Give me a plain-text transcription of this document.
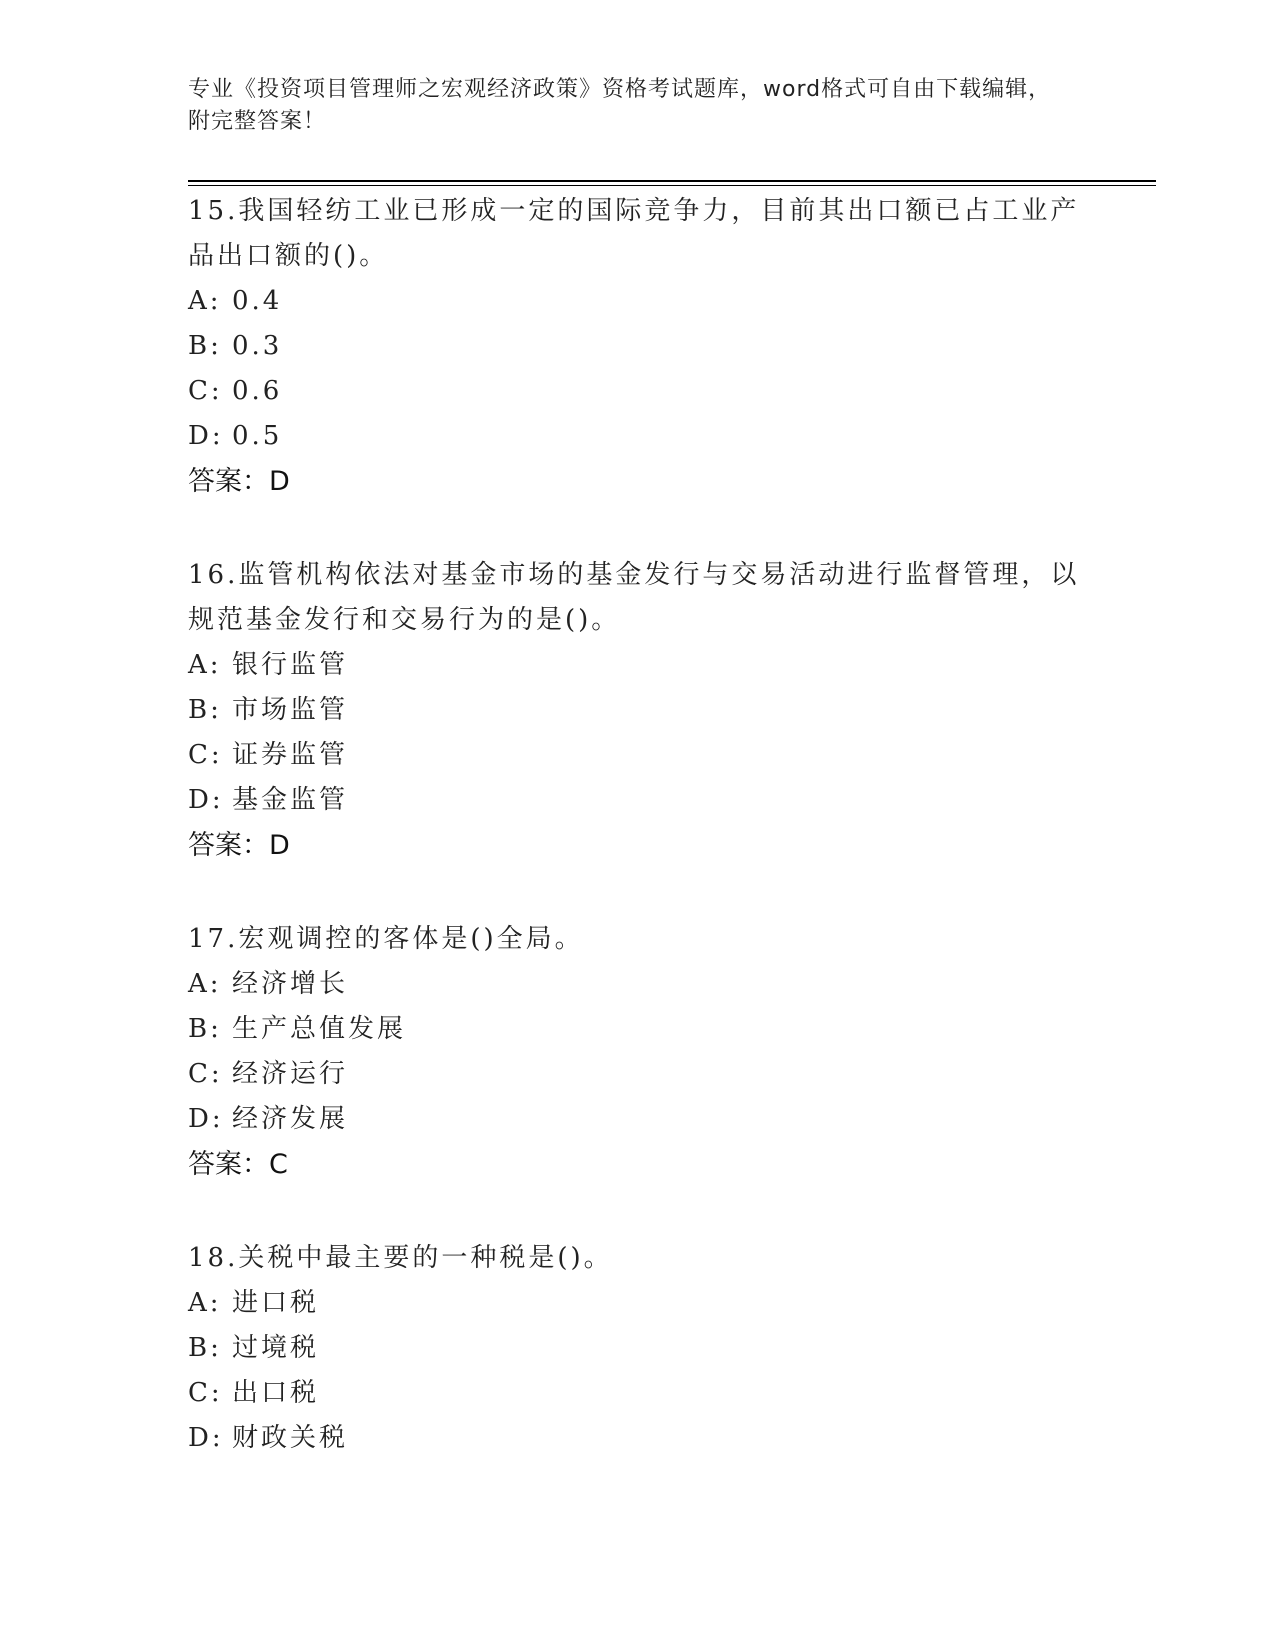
专业《投资项目管理师之宏观经济政策》资格考试题库，word格式可自由下载编辑，附完整答案！

15.我国轻纺工业已形成一定的国际竞争力，目前其出口额已占工业产品出口额的()。

A: 0.4

B: 0.3

C: 0.6

D: 0.5

答案：D

16.监管机构依法对基金市场的基金发行与交易活动进行监督管理，以规范基金发行和交易行为的是()。

A: 银行监管

B: 市场监管

C: 证券监管

D: 基金监管

答案：D

17.宏观调控的客体是()全局。

A: 经济增长

B: 生产总值发展

C: 经济运行

D: 经济发展

答案：C

18.关税中最主要的一种税是()。

A: 进口税

B: 过境税

C: 出口税

D: 财政关税
